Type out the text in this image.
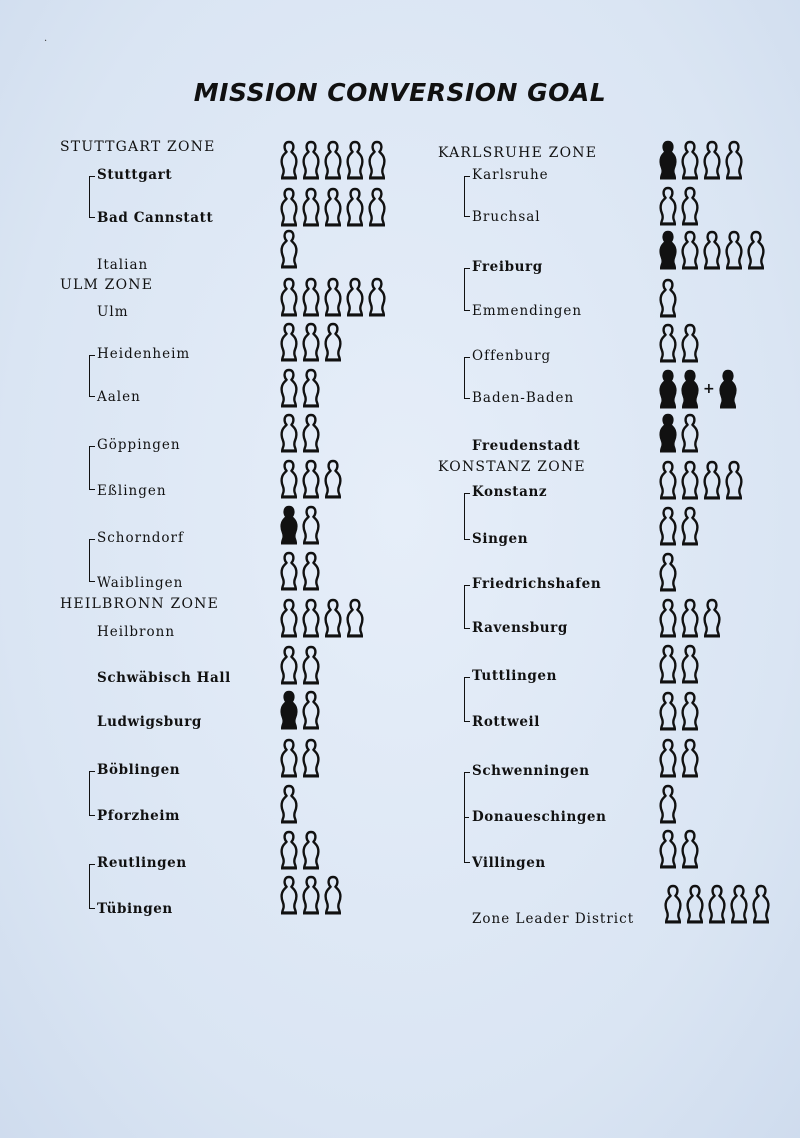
·
MISSION CONVERSION GOAL
STUTTGART ZONE
Stuttgart
Bad Cannstatt
Italian
ULM ZONE
Ulm
Heidenheim
Aalen
Göppingen
Eßlingen
Schorndorf
Waiblingen
HEILBRONN ZONE
Heilbronn
Schwäbisch Hall
Ludwigsburg
Böblingen
Pforzheim
Reutlingen
Tübingen
KARLSRUHE ZONE
Karlsruhe
Bruchsal
Freiburg
Emmendingen
Offenburg
Baden-Baden
Freudenstadt
KONSTANZ ZONE
Konstanz
Singen
Friedrichshafen
Ravensburg
Tuttlingen
Rottweil
Schwenningen
Donaueschingen
Villingen
Zone Leader District
+
